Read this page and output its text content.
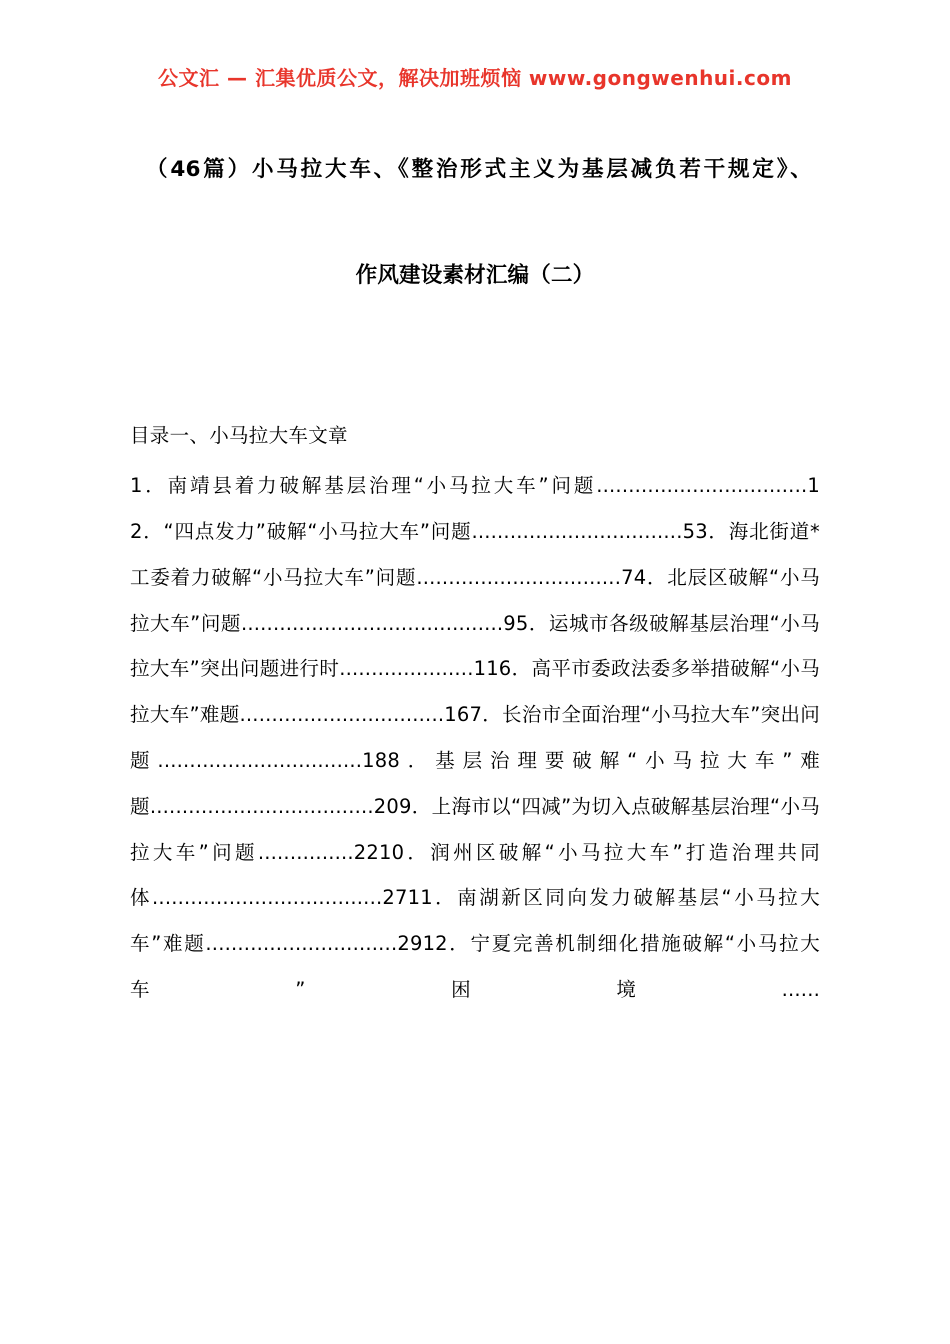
公文汇 — 汇集优质公文，解决加班烦恼 www.gongwenhui.com
（46篇）小马拉大车、《整治形式主义为基层减负若干规定》、
作风建设素材汇编（二）
目录一、小马拉大车文章
1．南靖县着力破解基层治理“小马拉大车”问题.................................12．“四点发力”破解“小马拉大车”问题.................................53．海北街道*工委着力破解“小马拉大车”问题................................74．北辰区破解“小马拉大车”问题.........................................95．运城市各级破解基层治理“小马拉大车”突出问题进行时.....................116．高平市委政法委多举措破解“小马拉大车”难题................................167．长治市全面治理“小马拉大车”突出问题................................188．基层治理要破解“小马拉大车”难题...................................209．上海市以“四减”为切入点破解基层治理“小马拉大车”问题...............2210．润州区破解“小马拉大车”打造治理共同体....................................2711．南湖新区同向发力破解基层“小马拉大车”难题..............................2912．宁夏完善机制细化措施破解“小马拉大车”困境......
